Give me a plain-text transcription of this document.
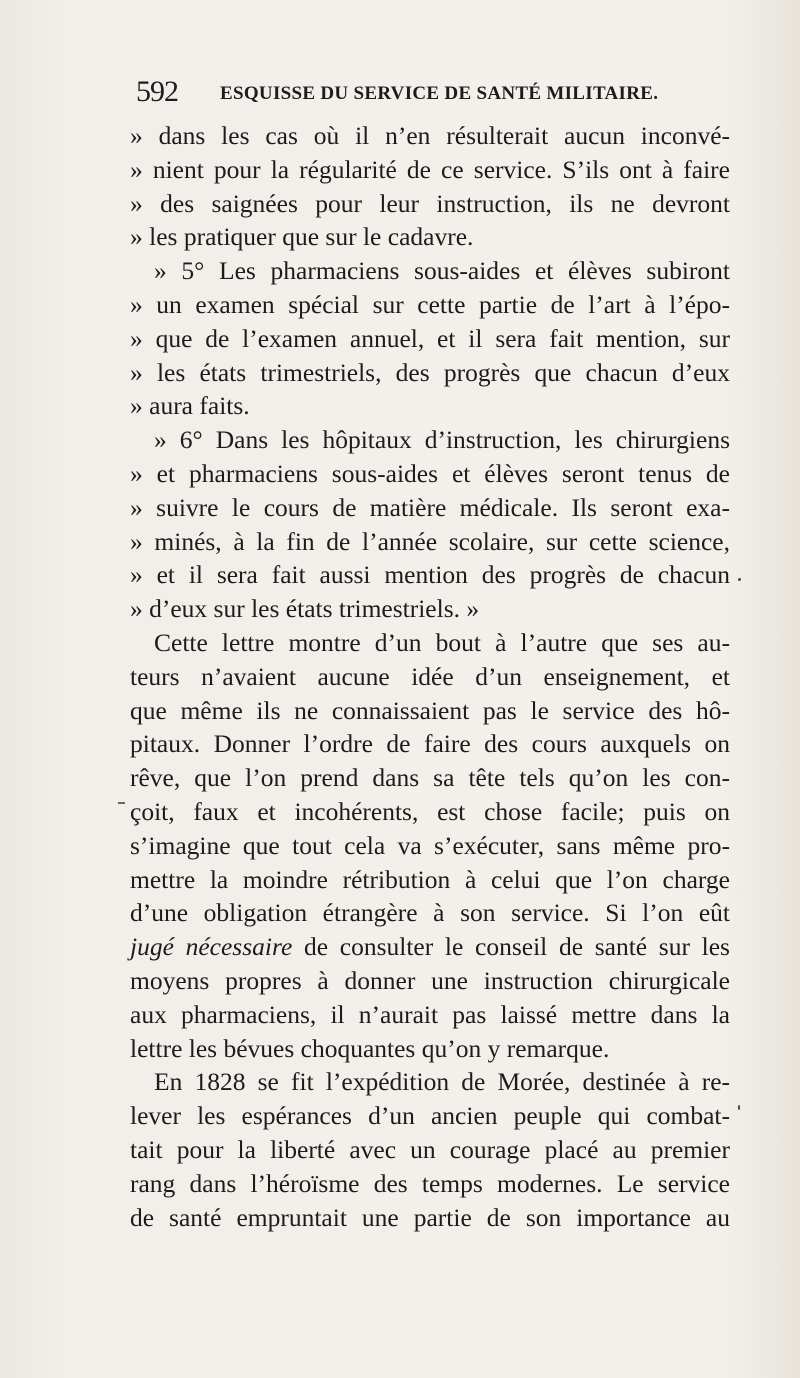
592 ESQUISSE DU SERVICE DE SANTÉ MILITAIRE.
» dans les cas où il n’en résulterait aucun inconvé-
» nient pour la régularité de ce service. S’ils ont à faire
» des saignées pour leur instruction, ils ne devront
» les pratiquer que sur le cadavre.
» 5° Les pharmaciens sous-aides et élèves subiront
» un examen spécial sur cette partie de l’art à l’épo-
» que de l’examen annuel, et il sera fait mention, sur
» les états trimestriels, des progrès que chacun d’eux
» aura faits.
» 6° Dans les hôpitaux d’instruction, les chirurgiens
» et pharmaciens sous-aides et élèves seront tenus de
» suivre le cours de matière médicale. Ils seront exa-
» minés, à la fin de l’année scolaire, sur cette science,
» et il sera fait aussi mention des progrès de chacun
» d’eux sur les états trimestriels. »
Cette lettre montre d’un bout à l’autre que ses au-
teurs n’avaient aucune idée d’un enseignement, et
que même ils ne connaissaient pas le service des hô-
pitaux. Donner l’ordre de faire des cours auxquels on
rêve, que l’on prend dans sa tête tels qu’on les con-
çoit, faux et incohérents, est chose facile; puis on
s’imagine que tout cela va s’exécuter, sans même pro-
mettre la moindre rétribution à celui que l’on charge
d’une obligation étrangère à son service. Si l’on eût
jugé nécessaire de consulter le conseil de santé sur les
moyens propres à donner une instruction chirurgicale
aux pharmaciens, il n’aurait pas laissé mettre dans la
lettre les bévues choquantes qu’on y remarque.
En 1828 se fit l’expédition de Morée, destinée à re-
lever les espérances d’un ancien peuple qui combat-
tait pour la liberté avec un courage placé au premier
rang dans l’héroïsme des temps modernes. Le service
de santé empruntait une partie de son importance au
